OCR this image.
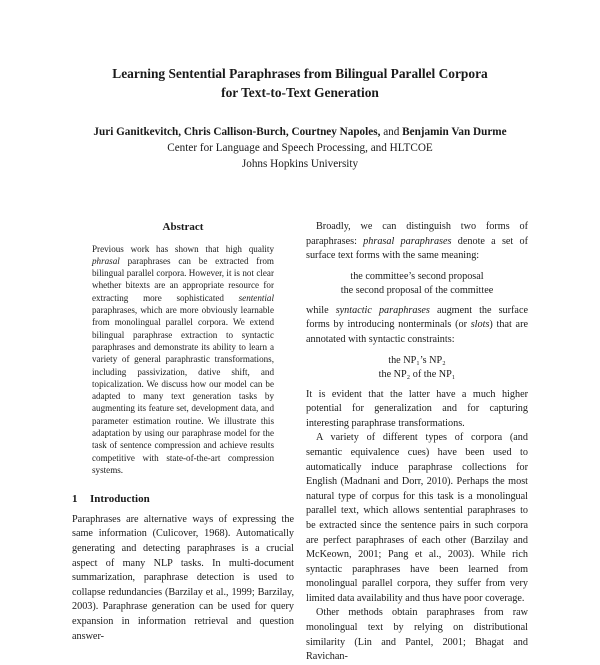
Learning Sentential Paraphrases from Bilingual Parallel Corpora
for Text-to-Text Generation
Juri Ganitkevitch, Chris Callison-Burch, Courtney Napoles, and Benjamin Van Durme
Center for Language and Speech Processing, and HLTCOE
Johns Hopkins University
Abstract
Previous work has shown that high quality phrasal paraphrases can be extracted from bilingual parallel corpora. However, it is not clear whether bitexts are an appropriate resource for extracting more sophisticated sentential paraphrases, which are more obviously learnable from monolingual parallel corpora. We extend bilingual paraphrase extraction to syntactic paraphrases and demonstrate its ability to learn a variety of general paraphrastic transformations, including passivization, dative shift, and topicalization. We discuss how our model can be adapted to many text generation tasks by augmenting its feature set, development data, and parameter estimation routine. We illustrate this adaptation by using our paraphrase model for the task of sentence compression and achieve results competitive with state-of-the-art compression systems.
1 Introduction

Paraphrases are alternative ways of expressing the same information (Culicover, 1968). Automatically generating and detecting paraphrases is a crucial aspect of many NLP tasks. In multi-document summarization, paraphrase detection is used to collapse redundancies (Barzilay et al., 1999; Barzilay, 2003). Paraphrase generation can be used for query expansion in information retrieval and question answer-

Broadly, we can distinguish two forms of paraphrases: phrasal paraphrases denote a set of surface text forms with the same meaning:

the committee’s second proposal
the second proposal of the committee

while syntactic paraphrases augment the surface forms by introducing nonterminals (or slots) that are annotated with syntactic constraints:

the NP₁’s NP₂
the NP₂ of the NP₁

It is evident that the latter have a much higher potential for generalization and for capturing interesting paraphrase transformations.

A variety of different types of corpora (and semantic equivalence cues) have been used to automatically induce paraphrase collections for English (Madnani and Dorr, 2010). Perhaps the most natural type of corpus for this task is a monolingual parallel text, which allows sentential paraphrases to be extracted since the sentence pairs in such corpora are perfect paraphrases of each other (Barzilay and McKeown, 2001; Pang et al., 2003). While rich syntactic paraphrases have been learned from monolingual parallel corpora, they suffer from very limited data availability and thus have poor coverage.

Other methods obtain paraphrases from raw monolingual text by relying on distributional similarity (Lin and Pantel, 2001; Bhagat and Ravichan-
